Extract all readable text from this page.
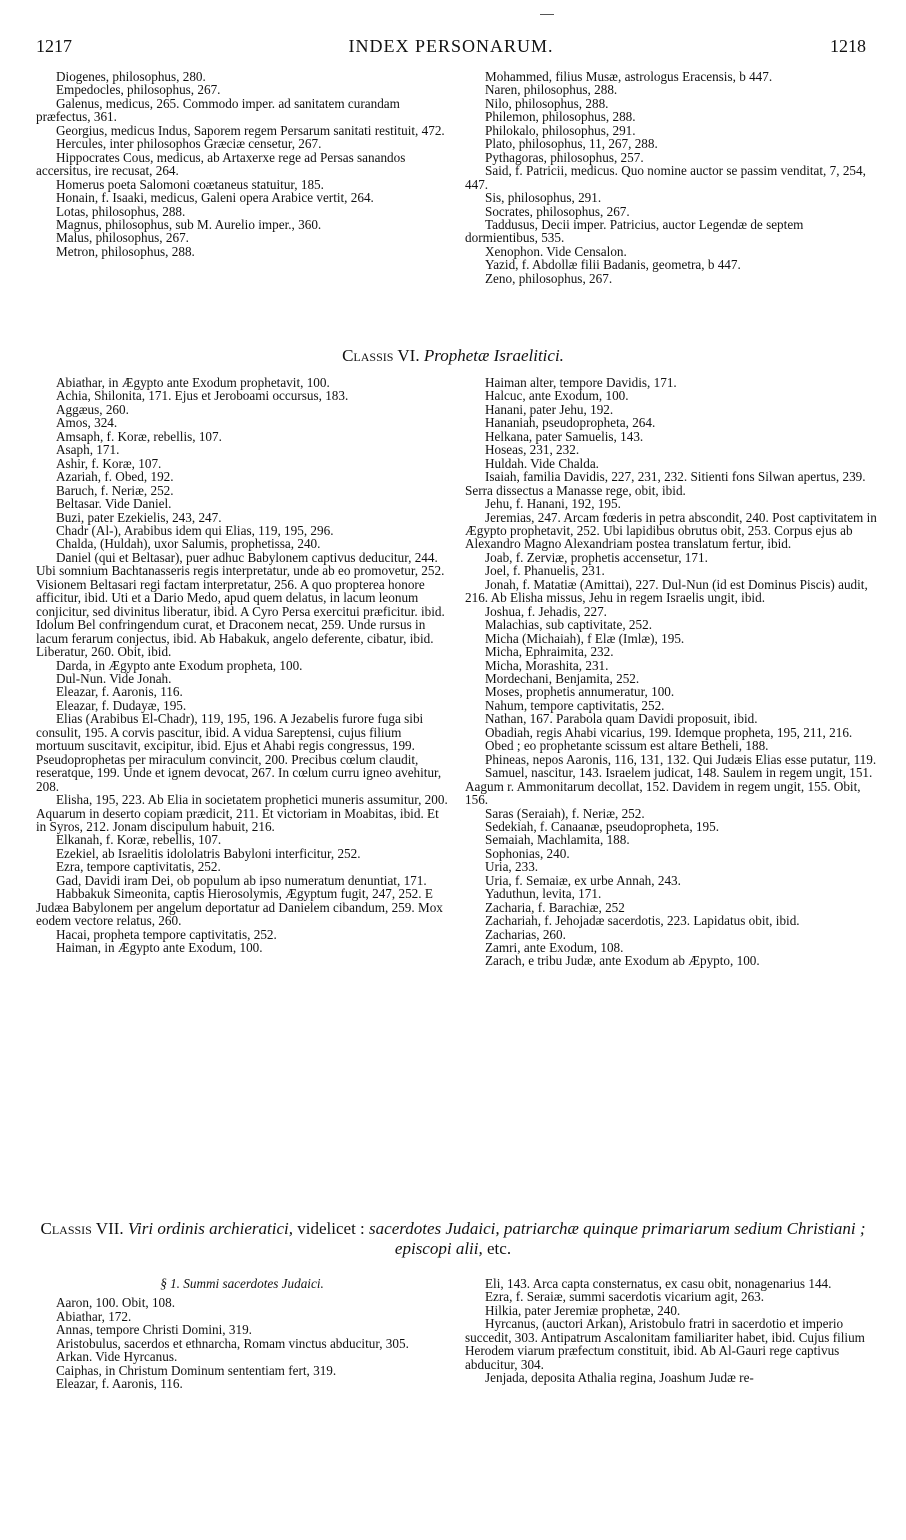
1217	INDEX PERSONARUM.	1218

Diogenes, philosophus, 280.

Empedocles, philosophus, 267.

Galenus, medicus, 265. Commodo imper. ad sanitatem curandam præfectus, 361.

Georgius, medicus Indus, Saporem regem Persarum sanitati restituit, 472.

Hercules, inter philosophos Græciæ censetur, 267.

Hippocrates Cous, medicus, ab Artaxerxe rege ad Persas sanandos accersitus, ire recusat, 264.

Homerus poeta Salomoni coætaneus statuitur, 185.

Honain, f. Isaaki, medicus, Galeni opera Arabice vertit, 264.

Lotas, philosophus, 288.

Magnus, philosophus, sub M. Aurelio imper., 360.

Malus, philosophus, 267.

Metron, philosophus, 288.

Mohammed, filius Musæ, astrologus Eracensis, b 447.

Naren, philosophus, 288.

Nilo, philosophus, 288.

Philemon, philosophus, 288.

Philokalo, philosophus, 291.

Plato, philosophus, 11, 267, 288.

Pythagoras, philosophus, 257.

Said, f. Patricii, medicus. Quo nomine auctor se passim venditat, 7, 254, 447.

Sis, philosophus, 291.

Socrates, philosophus, 267.

Taddusus, Decii imper. Patricius, auctor Legendæ de septem dormientibus, 535.

Xenophon. Vide Censalon.

Yazid, f. Abdollæ filii Badanis, geometra, b 447.

Zeno, philosophus, 267.

Classis VI. Prophetæ Israelitici.

Abiathar, in Ægypto ante Exodum prophetavit, 100.

Achia, Shilonita, 171. Ejus et Jeroboami occursus, 183.

Aggæus, 260.

Amos, 324.

Amsaph, f. Koræ, rebellis, 107.

Asaph, 171.

Ashir, f. Koræ, 107.

Azariah, f. Obed, 192.

Baruch, f. Neriæ, 252.

Beltasar. Vide Daniel.

Buzi, pater Ezekielis, 243, 247.

Chadr (Al-), Arabibus idem qui Elias, 119, 195, 296.

Chalda, (Huldah), uxor Salumis, prophetissa, 240.

Daniel (qui et Beltasar), puer adhuc Babylonem captivus deducitur, 244. Ubi somnium Bachtanasseris regis interpretatur, unde ab eo promovetur, 252. Visionem Beltasari regi factam interpretatur, 256. A quo propterea honore afficitur, ibid. Uti et a Dario Medo, apud quem delatus, in lacum leonum conjicitur, sed divinitus liberatur, ibid. A Cyro Persa exercitui præficitur. ibid. Idolum Bel confringendum curat, et Draconem necat, 259. Unde rursus in lacum ferarum conjectus, ibid. Ab Habakuk, angelo deferente, cibatur, ibid. Liberatur, 260. Obit, ibid.

Darda, in Ægypto ante Exodum propheta, 100.

Dul-Nun. Vide Jonah.

Eleazar, f. Aaronis, 116.

Eleazar, f. Dudayæ, 195.

Elias (Arabibus El-Chadr), 119, 195, 196. A Jezabelis furore fuga sibi consulit, 195. A corvis pascitur, ibid. A vidua Sareptensi, cujus filium mortuum suscitavit, excipitur, ibid. Ejus et Ahabi regis congressus, 199. Pseudoprophetas per miraculum convincit, 200. Precibus cœlum claudit, reseratque, 199. Unde et ignem devocat, 267. In cœlum curru igneo avehitur, 208.

Elisha, 195, 223. Ab Elia in societatem prophetici muneris assumitur, 200. Aquarum in deserto copiam prædicit, 211. Et victoriam in Moabitas, ibid. Et in Syros, 212. Jonam discipulum habuit, 216.

Elkanah, f. Koræ, rebellis, 107.

Ezekiel, ab Israelitis idololatris Babyloni interficitur, 252.

Ezra, tempore captivitatis, 252.

Gad, Davidi iram Dei, ob populum ab ipso numeratum denuntiat, 171.

Habbakuk Simeonita, captis Hierosolymis, Ægyptum fugit, 247, 252. E Judæa Babylonem per angelum deportatur ad Danielem cibandum, 259. Mox eodem vectore relatus, 260.

Hacai, propheta tempore captivitatis, 252.

Haiman, in Ægypto ante Exodum, 100.

Haiman alter, tempore Davidis, 171.

Halcuc, ante Exodum, 100.

Hanani, pater Jehu, 192.

Hananiah, pseudopropheta, 264.

Helkana, pater Samuelis, 143.

Hoseas, 231, 232.

Huldah. Vide Chalda.

Isaiah, familia Davidis, 227, 231, 232. Sitienti fons Silwan apertus, 239. Serra dissectus a Manasse rege, obit, ibid.

Jehu, f. Hanani, 192, 195.

Jeremias, 247. Arcam fœderis in petra abscondit, 240. Post captivitatem in Ægypto prophetavit, 252. Ubi lapidibus obrutus obit, 253. Corpus ejus ab Alexandro Magno Alexandriam postea translatum fertur, ibid.

Joab, f. Zerviæ, prophetis accensetur, 171.

Joel, f. Phanuelis, 231.

Jonah, f. Matatiæ (Amittai), 227. Dul-Nun (id est Dominus Piscis) audit, 216. Ab Elisha missus, Jehu in regem Israelis ungit, ibid.

Joshua, f. Jehadis, 227.

Malachias, sub captivitate, 252.

Micha (Michaiah), f Elæ (Imlæ), 195.

Micha, Ephraimita, 232.

Micha, Morashita, 231.

Mordechani, Benjamita, 252.

Moses, prophetis annumeratur, 100.

Nahum, tempore captivitatis, 252.

Nathan, 167. Parabola quam Davidi proposuit, ibid.

Obadiah, regis Ahabi vicarius, 199. Idemque propheta, 195, 211, 216.

Obed ; eo prophetante scissum est altare Betheli, 188.

Phineas, nepos Aaronis, 116, 131, 132. Qui Judæis Elias esse putatur, 119.

Samuel, nascitur, 143. Israelem judicat, 148. Saulem in regem ungit, 151. Aagum r. Ammonitarum decollat, 152. Davidem in regem ungit, 155. Obit, 156.

Saras (Seraiah), f. Neriæ, 252.

Sedekiah, f. Canaanæ, pseudopropheta, 195.

Semaiah, Machlamita, 188.

Sophonias, 240.

Uria, 233.

Uria, f. Semaiæ, ex urbe Annah, 243.

Yaduthun, levita, 171.

Zacharia, f. Barachiæ, 252

Zachariah, f. Jehojadæ sacerdotis, 223. Lapidatus obit, ibid.

Zacharias, 260.

Zamri, ante Exodum, 108.

Zarach, e tribu Judæ, ante Exodum ab Æpypto, 100.

Classis VII. Viri ordinis archieratici, videlicet : sacerdotes Judaici, patriarchæ quinque primariarum sedium Christiani ; episcopi alii, etc.

§ 1. Summi sacerdotes Judaici.

Aaron, 100. Obit, 108.

Abiathar, 172.

Annas, tempore Christi Domini, 319.

Aristobulus, sacerdos et ethnarcha, Romam vinctus abducitur, 305.

Arkan. Vide Hyrcanus.

Caiphas, in Christum Dominum sententiam fert, 319.

Eleazar, f. Aaronis, 116.

Eli, 143. Arca capta consternatus, ex casu obit, nonagenarius 144.

Ezra, f. Seraiæ, summi sacerdotis vicarium agit, 263.

Hilkia, pater Jeremiæ prophetæ, 240.

Hyrcanus, (auctori Arkan), Aristobulo fratri in sacerdotio et imperio succedit, 303. Antipatrum Ascalonitam familiariter habet, ibid. Cujus filium Herodem viarum præfectum constituit, ibid. Ab Al-Gauri rege captivus abducitur, 304.

Jenjada, deposita Athalia regina, Joashum Judæ re-
